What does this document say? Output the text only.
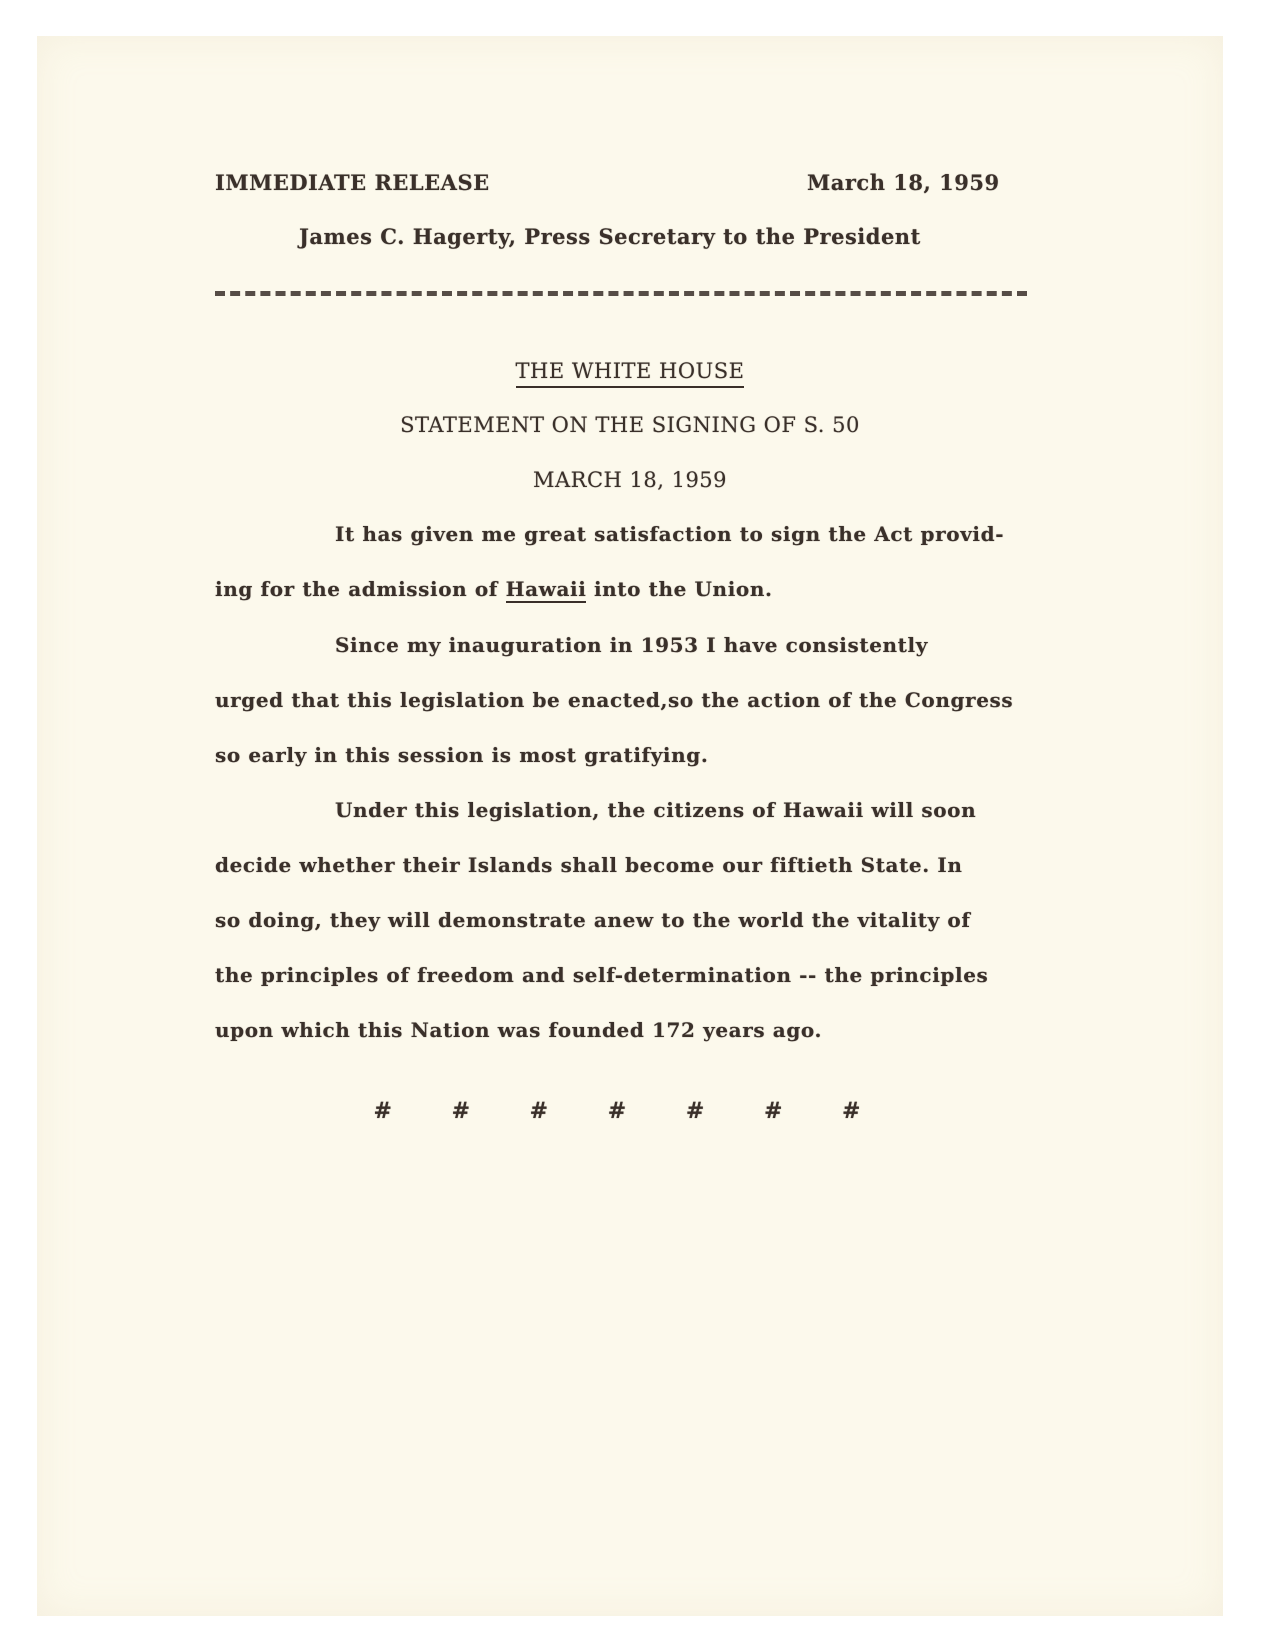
IMMEDIATE RELEASE	March 18, 1959
James C. Hagerty, Press Secretary to the President
THE WHITE HOUSE
STATEMENT ON THE SIGNING OF S. 50
MARCH 18, 1959
It has given me great satisfaction to sign the Act provid-
ing for the admission of Hawaii into the Union.
Since my inauguration in 1953 I have consistently
urged that this legislation be enacted,so the action of the Congress
so early in this session is most gratifying.
Under this legislation, the citizens of Hawaii will soon
decide whether their Islands shall become our fiftieth State. In
so doing, they will demonstrate anew to the world the vitality of
the principles of freedom and self-determination -- the principles
upon which this Nation was founded 172 years ago.
# # # # # # #
